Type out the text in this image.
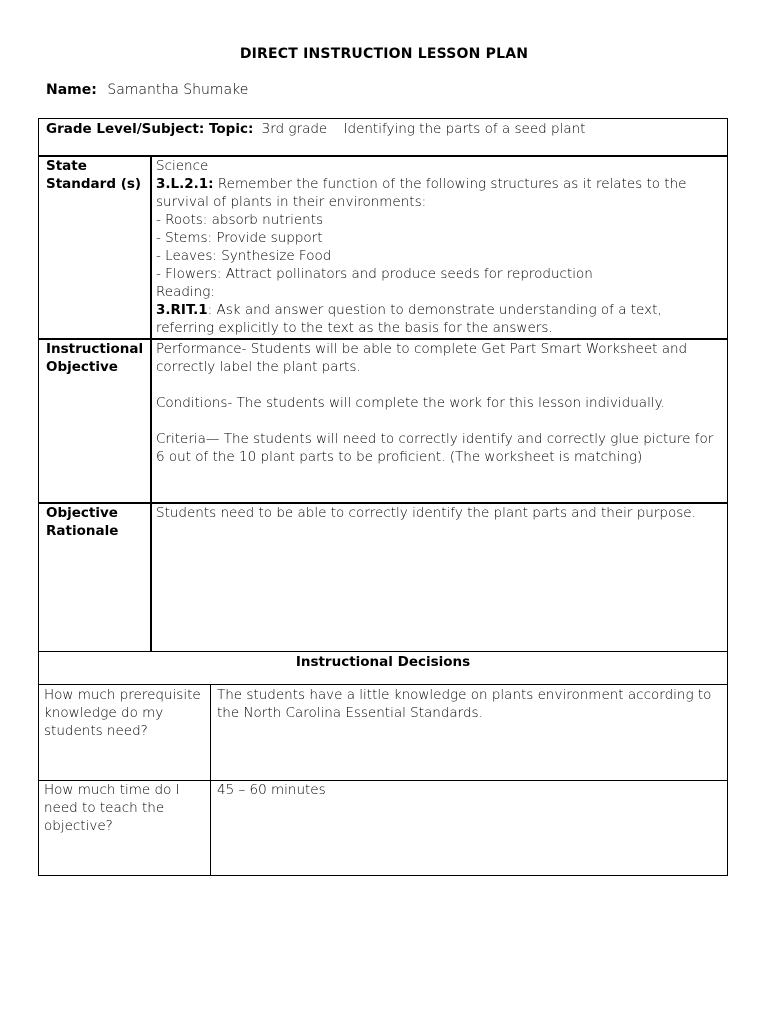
DIRECT INSTRUCTION LESSON PLAN
Name: Samantha Shumake
Grade Level/Subject: Topic: 3rd grade Identifying the parts of a seed plant

State

Standard (s)

Science

3.L.2.1: Remember the function of the following structures as it relates to the survival of plants in their environments:

- Roots: absorb nutrients

- Stems: Provide support

- Leaves: Synthesize Food

- Flowers: Attract pollinators and produce seeds for reproduction

Reading:

3.RIT.1: Ask and answer question to demonstrate understanding of a text, referring explicitly to the text as the basis for the answers.

Instructional

Objective

Performance- Students will be able to complete Get Part Smart Worksheet and correctly label the plant parts.

Conditions- The students will complete the work for this lesson individually.

Criteria— The students will need to correctly identify and correctly glue picture for 6 out of the 10 plant parts to be proficient. (The worksheet is matching)

Objective

Rationale

Students need to be able to correctly identify the plant parts and their purpose.

Instructional Decisions
How much prerequisite knowledge do my students need?
The students have a little knowledge on plants environment according to the North Carolina Essential Standards.
How much time do I need to teach the objective?
45 – 60 minutes
